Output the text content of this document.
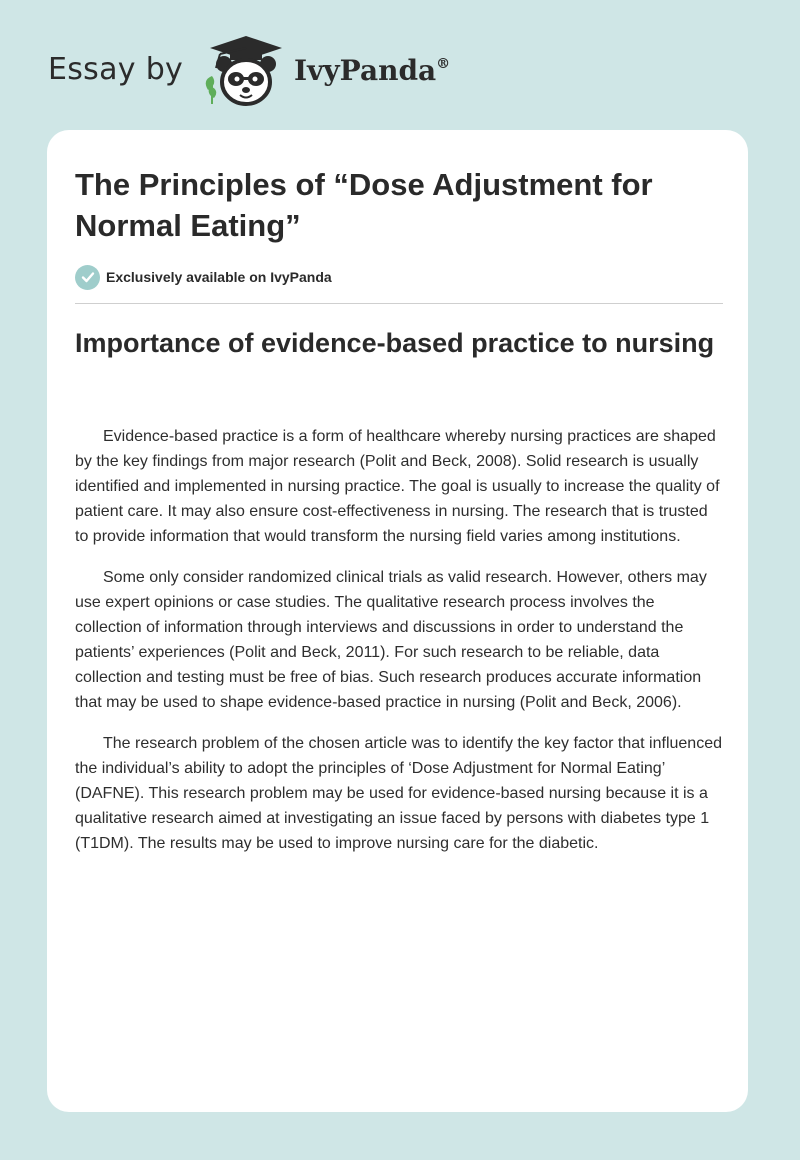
Essay by	IvyPanda®
The Principles of “Dose Adjustment for Normal Eating”
Exclusively available on IvyPanda
Importance of evidence-based practice to nursing

Evidence-based practice is a form of healthcare whereby nursing practices are shaped by the key findings from major research (Polit and Beck, 2008). Solid research is usually identified and implemented in nursing practice. The goal is usually to increase the quality of patient care. It may also ensure cost-effectiveness in nursing. The research that is trusted to provide information that would transform the nursing field varies among institutions.

Some only consider randomized clinical trials as valid research. However, others may use expert opinions or case studies. The qualitative research process involves the collection of information through interviews and discussions in order to understand the patients’ experiences (Polit and Beck, 2011). For such research to be reliable, data collection and testing must be free of bias. Such research produces accurate information that may be used to shape evidence-based practice in nursing (Polit and Beck, 2006).

The research problem of the chosen article was to identify the key factor that influenced the individual’s ability to adopt the principles of ‘Dose Adjustment for Normal Eating’ (DAFNE). This research problem may be used for evidence-based nursing because it is a qualitative research aimed at investigating an issue faced by persons with diabetes type 1 (T1DM). The results may be used to improve nursing care for the diabetic.
